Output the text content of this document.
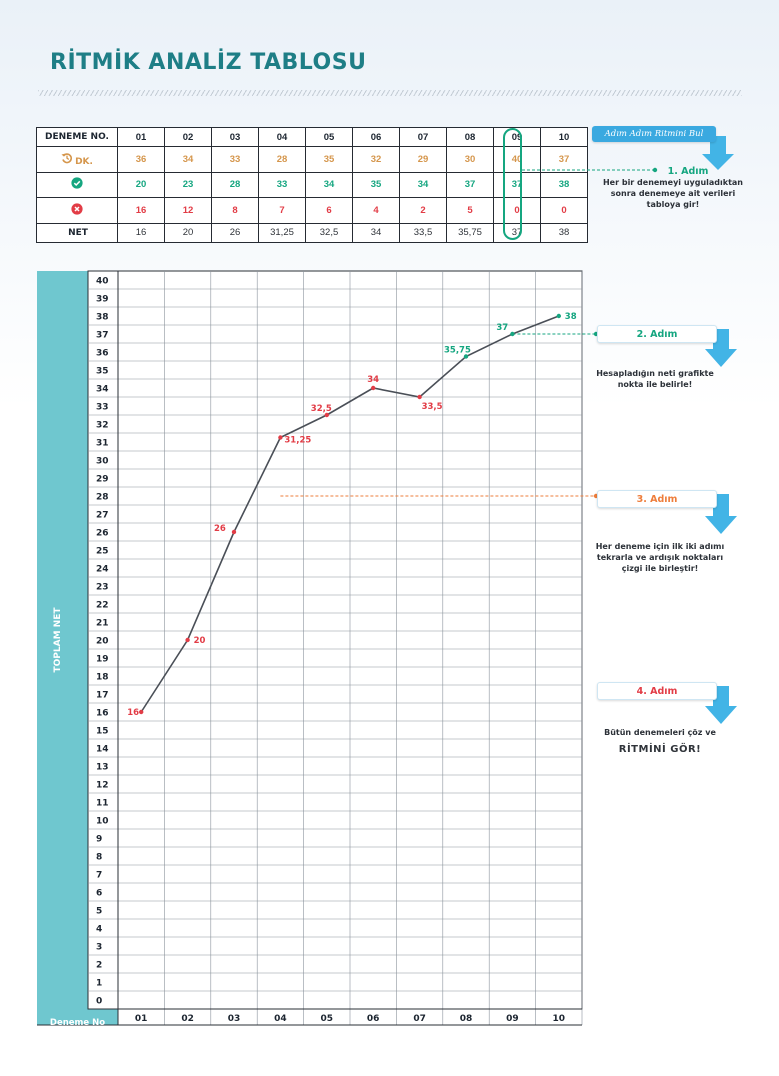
RİTMİK ANALİZ TABLOSU
DENEME NO.	01	02	03	04	05	06	07	08	09	10

DK.	36	34	33	28	35	32	29	30	40	37

	20	23	28	33	34	35	34	37	37	38

	16	12	8	7	6	4	2	5	0	0
NET	16	20	26	31,25	32,5	34	33,5	35,75	37	38
0
1
2
3
4
5
6
7
8
9
10
11
12
13
14
15
16
17
18
19
20
21
22
23
24
25
26
27
28
29
30
31
32
33
34
35
36
37
38
39
40
01	02	03	04	05	06	07	08	09	10
16
20
26
31,25
32,5
34
33,5
35,75
37
38
TOPLAM NET
Deneme No
Adım Adım Ritmini Bul
1. Adım
Her bir denemeyi uyguladıktan
sonra denemeye ait verileri
tabloya gir!
2. Adım
Hesapladığın neti grafikte
nokta ile belirle!
3. Adım
Her deneme için ilk iki adımı
tekrarla ve ardışık noktaları
çizgi ile birleştir!
4. Adım
Bütün denemeleri çöz ve
RİTMİNİ GÖR!
